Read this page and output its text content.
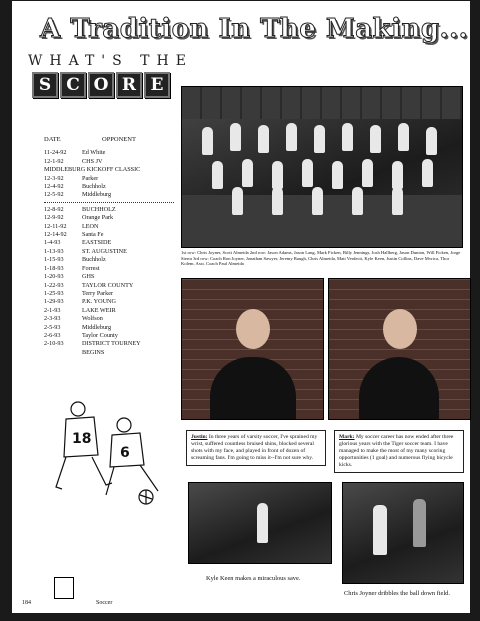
A Tradition In The Making...
WHAT'S THE
S C O R E
DATE	OPPONENT
11-24-92	Ed White
12-1-92	CHS JV
MIDDLEBURG KICKOFF CLASSIC
12-3-92	Parker
12-4-92	Buchholz
12-5-92	Middleburg
12-8-92	BUCHHOLZ
12-9-92	Orange Park
12-11-92	LEON
12-14-92	Santa Fe
1-4-93	EASTSIDE
1-13-93	ST. AUGUSTINE
1-15-93	Buchholz
1-18-93	Forrest
1-20-93	GHS
1-22-93	TAYLOR COUNTY
1-25-93	Terry Parker
1-29-93	P.K. YOUNG
2-1-93	LAKE WEIR
2-3-93	Wolfson
2-5-93	Middleburg
2-6-93	Taylor County
2-10-93	DISTRICT TOURNEY
BEGINS
1st row: Chris Joyner, Scott Almeida 2nd row: Jason Adams, Jason Lang, Mark Ficken, Billy Jennings, Josh Hallberg, Jason Dunton, Will Ficken, Jorge Sierra 3rd row: Coach Ron Joyner, Jonathan Sawyer, Jeremy Baugh, Chris Almeida, Matt Verdecti, Kyle Keen, Justin Collins, Dave Mvrica, Thor Kolem, Asst. Coach Paul Almeida
Justin: In three years of varsity soccer, I've sprained my wrist, suffered countless bruised shins, blocked several shots with my face, and played in front of dozen of screaming fans. I'm going to miss it--I'm not sure why.
Mark: My soccer career has now ended after three glorious years with the Tiger soccer team. I have managed to make the most of my many scoring opportunities (1 goal) and numerous flying bicycle kicks.
Kyle Keen makes a miraculous save.
Chris Joyner dribbles the ball down field.
18
6
184	Soccer
